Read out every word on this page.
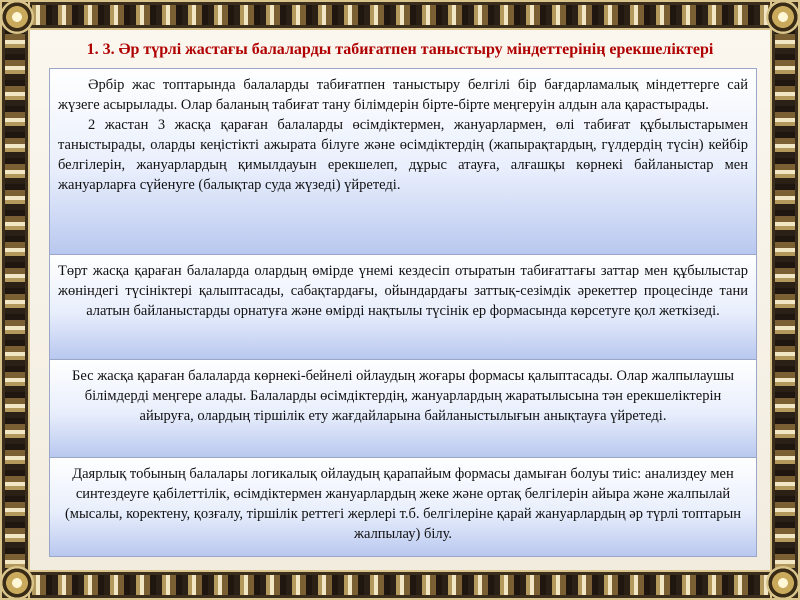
1. 3. Әр түрлі жастағы балаларды табиғатпен таныстыру міндеттерінің ерекшеліктері

Әрбір жас топтарында балаларды табиғатпен таныстыру белгілі бір бағдарламалық міндеттерге сай жүзеге асырылады. Олар баланың табиғат тану білімдерін бірте-бірте меңгеруін алдын ала қарастырады.

2 жастан 3 жасқа қараған балаларды өсімдіктермен, жануарлармен, өлі табиғат құбылыстарымен таныстырады, оларды кеңістікті ажырата білуге және өсімдіктердің (жапырақтардың, гүлдердің түсін) кейбір белгілерін, жануарлардың қимылдауын ерекшелеп, дұрыс атауға, алғашқы көрнекі байланыстар мен жануарларға сүйенуге (балықтар суда жүзеді) үйретеді.

Төрт жасқа қараған балаларда олардың өмірде үнемі кездесіп отыратын табиғаттағы заттар мен құбылыстар жөніндегі түсініктері қалыптасады, сабақтардағы, ойындардағы заттық-сезімдік әрекеттер процесінде тани алатын байланыстарды орнатуға және өмірді нақтылы түсінік ер формасында көрсетуге қол жеткізеді.

Бес жасқа қараған балаларда көрнекі-бейнелі ойлаудың жоғары формасы қалыптасады. Олар жалпылаушы білімдерді меңгере алады. Балаларды өсімдіктердің, жануарлардың жаратылысына тән ерекшеліктерін айыруға, олардың тіршілік ету жағдайларына байланыстылығын анықтауға үйретеді.

Даярлық тобының балалары логикалық ойлаудың қарапайым формасы дамыған болуы тиіс: анализдеу мен синтездеуге қабілеттілік, өсімдіктермен жануарлардың жеке және ортақ белгілерін айыра және жалпылай (мысалы, коректену, қозғалу, тіршілік реттегі жерлері т.б. белгілеріне қарай жануарлардың әр түрлі топтарын жалпылау) білу.
